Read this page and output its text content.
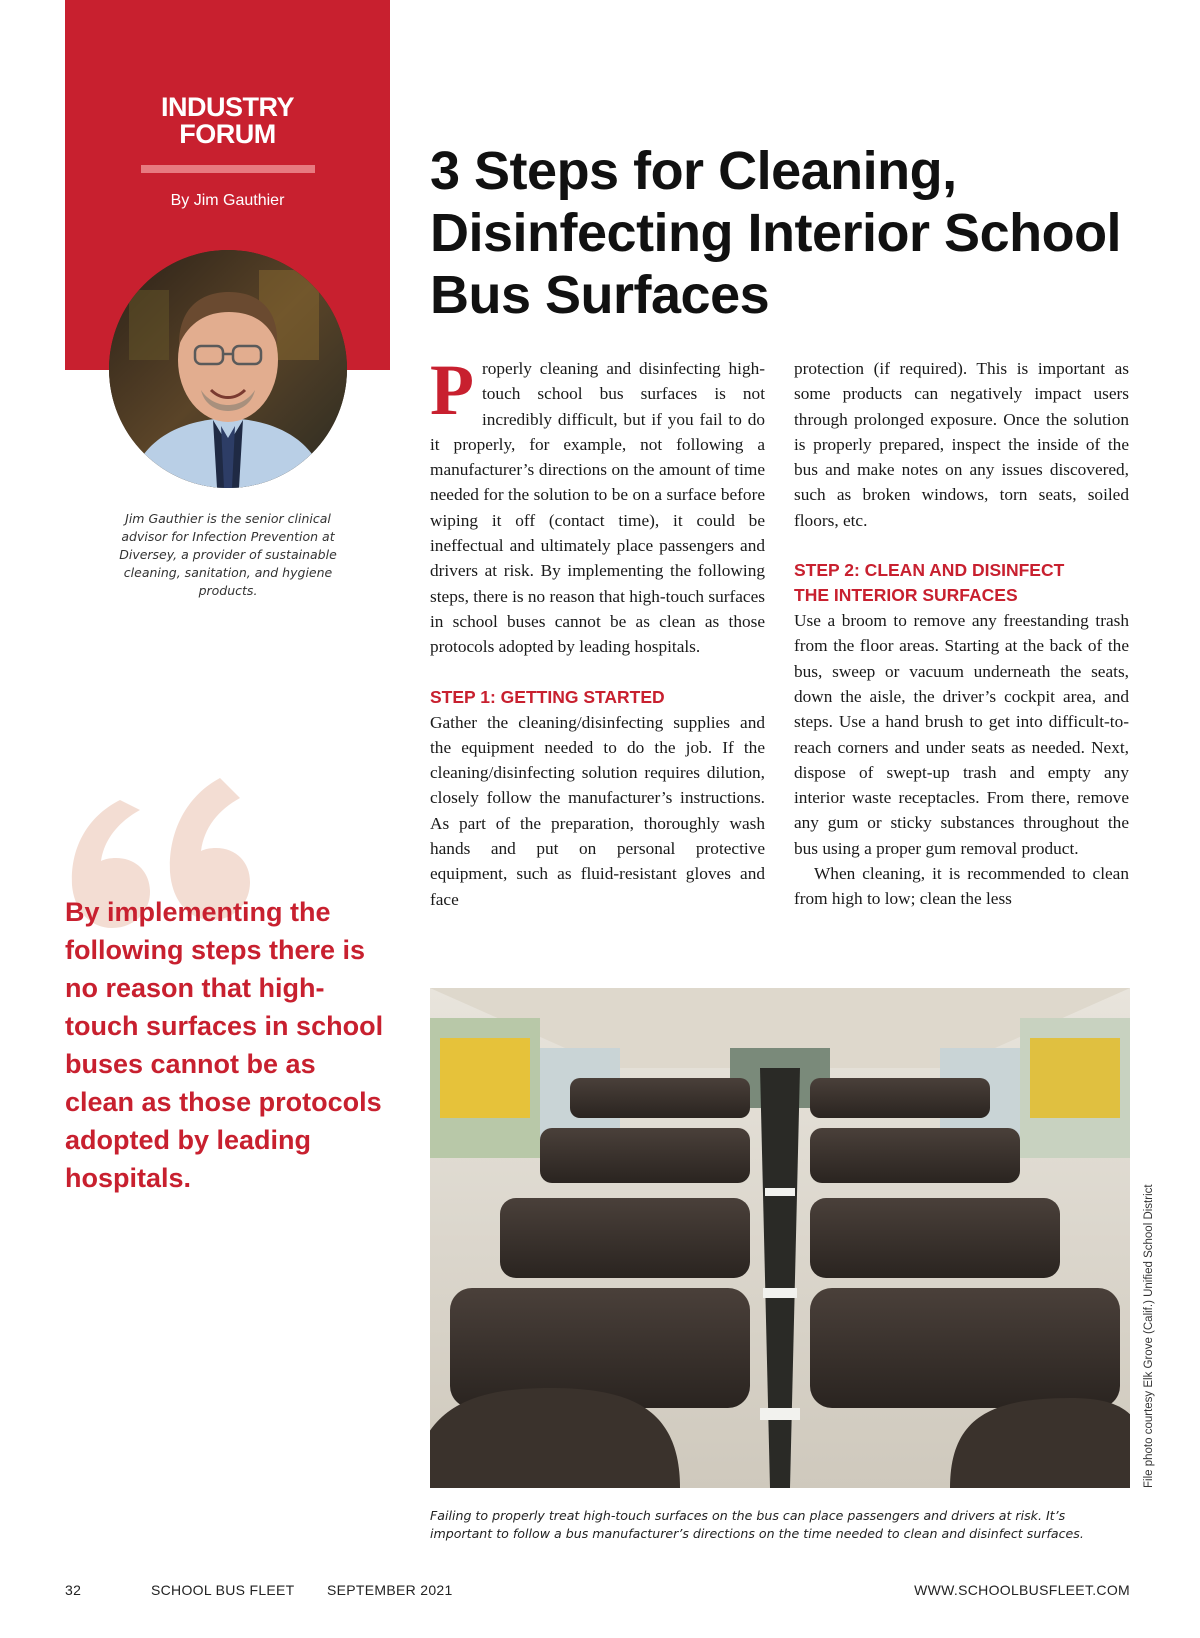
INDUSTRY
FORUM
By Jim Gauthier
Jim Gauthier is the senior clinical advisor for Infection Prevention at Diversey, a provider of sustainable cleaning, sanitation, and hygiene products.
By implementing the following steps there is no reason that high-touch surfaces in school buses cannot be as clean as those protocols adopted by leading hospitals.
3 Steps for Cleaning, Disinfecting Interior School Bus Surfaces

Properly cleaning and disinfecting high-touch school bus surfaces is not incredibly difficult, but if you fail to do it properly, for example, not following a manufacturer’s directions on the amount of time needed for the solution to be on a surface before wiping it off (contact time), it could be ineffectual and ultimately place passengers and drivers at risk. By implementing the following steps, there is no reason that high-touch surfaces in school buses cannot be as clean as those protocols adopted by leading hospitals.

STEP 1: GETTING STARTED

Gather the cleaning/disinfecting supplies and the equipment needed to do the job. If the cleaning/disinfecting solution requires dilution, closely follow the manufacturer’s instructions. As part of the preparation, thoroughly wash hands and put on personal protective equipment, such as fluid-resistant gloves and face

protection (if required). This is important as some products can negatively impact users through prolonged exposure. Once the solution is properly prepared, inspect the inside of the bus and make notes on any issues discovered, such as broken windows, torn seats, soiled floors, etc.

STEP 2: CLEAN AND DISINFECT

THE INTERIOR SURFACES

Use a broom to remove any freestanding trash from the floor areas. Starting at the back of the bus, sweep or vacuum underneath the seats, down the aisle, the driver’s cockpit area, and steps. Use a hand brush to get into difficult-to-reach corners and under seats as needed. Next, dispose of swept-up trash and empty any interior waste receptacles. From there, remove any gum or sticky substances throughout the bus using a proper gum removal product.

When cleaning, it is recommended to clean from high to low; clean the less

File photo courtesy Elk Grove (Calif.) Unified School District

Failing to properly treat high-touch surfaces on the bus can place passengers and drivers at risk. It’s important to follow a bus manufacturer’s directions on the time needed to clean and disinfect surfaces.

32	SCHOOL BUS FLEET SEPTEMBER 2021	WWW.SCHOOLBUSFLEET.COM
